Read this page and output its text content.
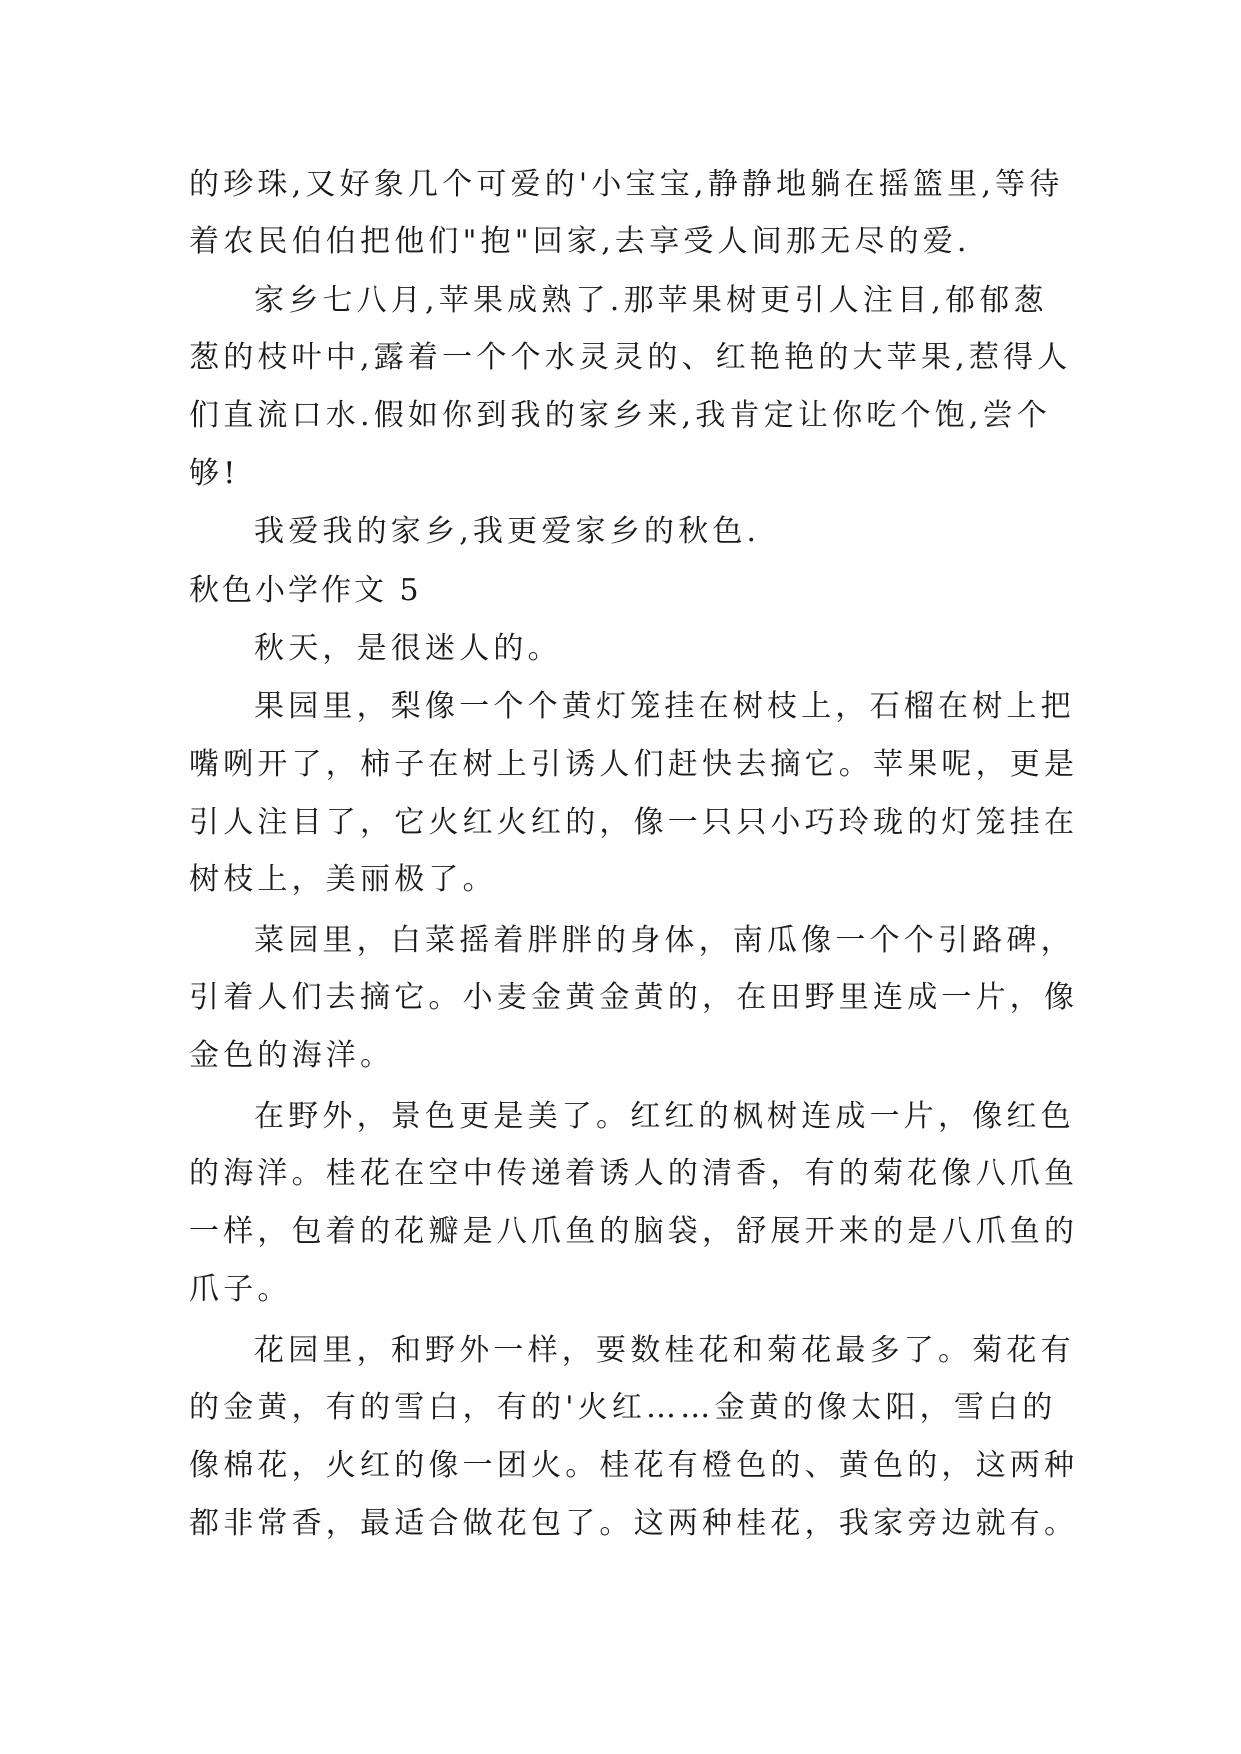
的珍珠,又好象几个可爱的'小宝宝,静静地躺在摇篮里,等待
着农民伯伯把他们"抱"回家,去享受人间那无尽的爱.
家乡七八月,苹果成熟了.那苹果树更引人注目,郁郁葱
葱的枝叶中,露着一个个水灵灵的、红艳艳的大苹果,惹得人
们直流口水.假如你到我的家乡来,我肯定让你吃个饱,尝个
够!
我爱我的家乡,我更爱家乡的秋色.
秋色小学作文 5
秋天，是很迷人的。
果园里，梨像一个个黄灯笼挂在树枝上，石榴在树上把
嘴咧开了，柿子在树上引诱人们赶快去摘它。苹果呢，更是
引人注目了，它火红火红的，像一只只小巧玲珑的灯笼挂在
树枝上，美丽极了。
菜园里，白菜摇着胖胖的身体，南瓜像一个个引路碑，
引着人们去摘它。小麦金黄金黄的，在田野里连成一片，像
金色的海洋。
在野外，景色更是美了。红红的枫树连成一片，像红色
的海洋。桂花在空中传递着诱人的清香，有的菊花像八爪鱼
一样，包着的花瓣是八爪鱼的脑袋，舒展开来的是八爪鱼的
爪子。
花园里，和野外一样，要数桂花和菊花最多了。菊花有
的金黄，有的雪白，有的'火红……金黄的像太阳，雪白的
像棉花，火红的像一团火。桂花有橙色的、黄色的，这两种
都非常香，最适合做花包了。这两种桂花，我家旁边就有。
